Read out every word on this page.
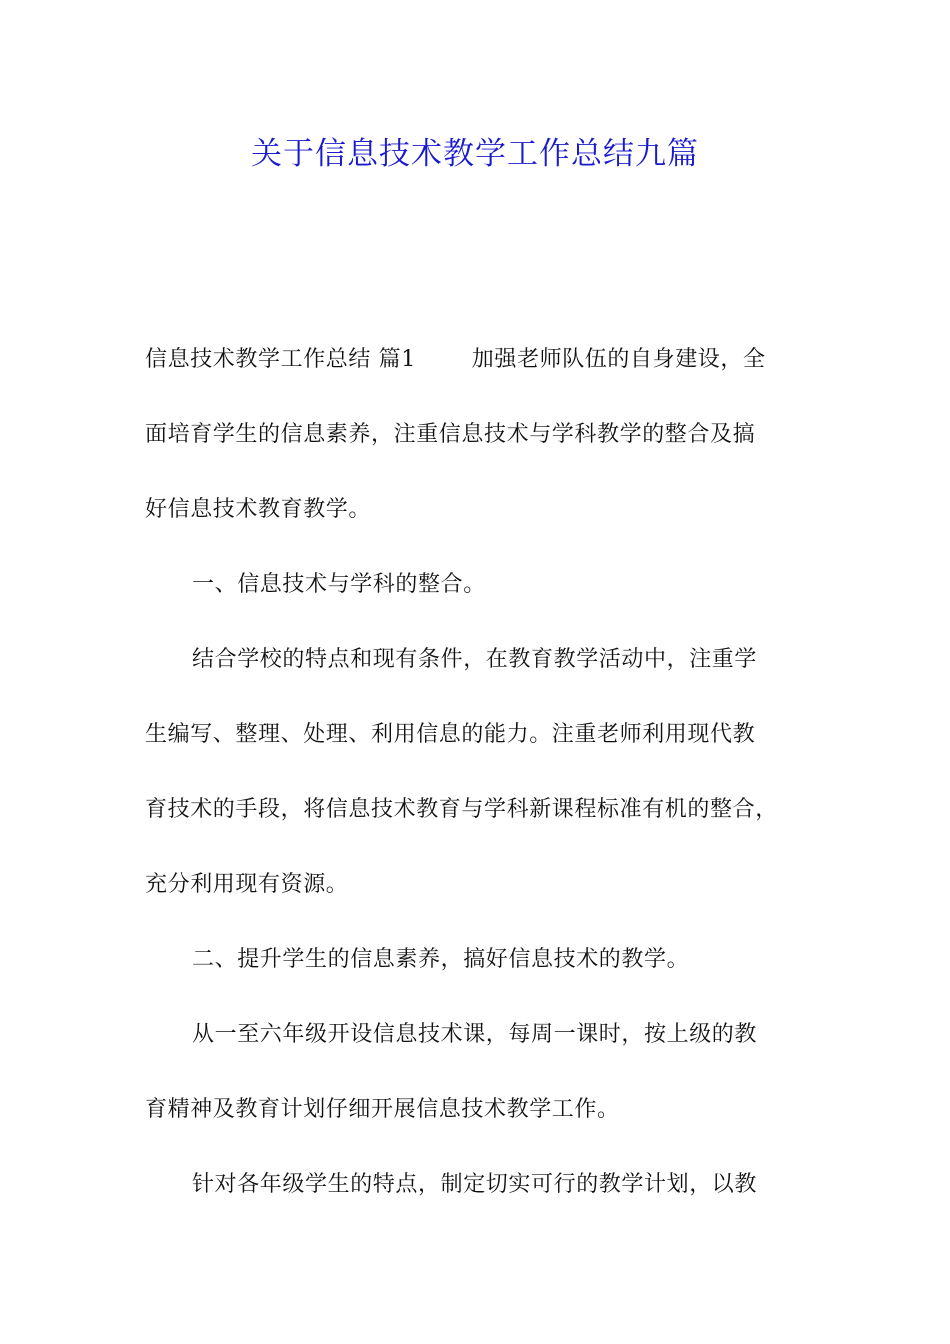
关于信息技术教学工作总结九篇
信息技术教学工作总结 篇1	加强老师队伍的自身建设，全
面培育学生的信息素养，注重信息技术与学科教学的整合及搞
好信息技术教育教学。
一、信息技术与学科的整合。
结合学校的特点和现有条件，在教育教学活动中，注重学
生编写、整理、处理、利用信息的能力。注重老师利用现代教
育技术的手段，将信息技术教育与学科新课程标准有机的整合，
充分利用现有资源。
二、提升学生的信息素养，搞好信息技术的教学。
从一至六年级开设信息技术课，每周一课时，按上级的教
育精神及教育计划仔细开展信息技术教学工作。
针对各年级学生的特点，制定切实可行的教学计划，以教
